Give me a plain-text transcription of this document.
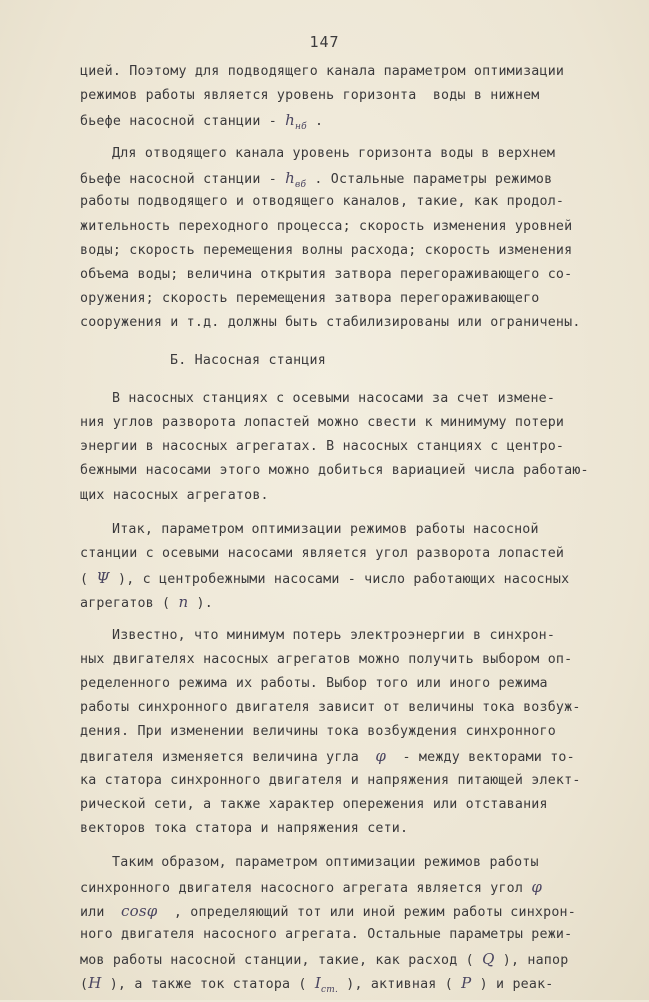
147
цией. Поэтому для подводящего канала параметром оптимизации
режимов работы является уровень горизонта  воды в нижнем
бьефе насосной станции - $h_{нб}$ .
Для отводящего канала уровень горизонта воды в верхнем
бьефе насосной станции - $h_{вб}$ . Остальные параметры режимов
работы подводящего и отводящего каналов, такие, как продол-
жительность переходного процесса; скорость изменения уровней
воды; скорость перемещения волны расхода; скорость изменения
объема воды; величина открытия затвора перегораживающего со-
оружения; скорость перемещения затвора перегораживающего
сооружения и т.д. должны быть стабилизированы или ограничены.
Б. Насосная станция
В насосных станциях с осевыми насосами за счет измене-
ния углов разворота лопастей можно свести к минимуму потери
энергии в насосных агрегатах. В насосных станциях с центро-
бежными насосами этого можно добиться вариацией числа работаю-
щих насосных агрегатов.
Итак, параметром оптимизации режимов работы насосной
станции с осевыми насосами является угол разворота лопастей
( Ψ ), с центробежными насосами - число работающих насосных
агрегатов ( n ).
Известно, что минимум потерь электроэнергии в синхрон-
ных двигателях насосных агрегатов можно получить выбором оп-
ределенного режима их работы. Выбор того или иного режима
работы синхронного двигателя зависит от величины тока возбуж-
дения. При изменении величины тока возбуждения синхронного
двигателя изменяется величина угла  φ  - между векторами то-
ка статора синхронного двигателя и напряжения питающей элект-
рической сети, а также характер опережения или отставания
векторов тока статора и напряжения сети.
Таким образом, параметром оптимизации режимов работы
синхронного двигателя насосного агрегата является угол φ
или  cosφ  , определяющий тот или иной режим работы синхрон-
ного двигателя насосного агрегата. Остальные параметры режи-
мов работы насосной станции, такие, как расход ( Q ), напор
(H ), а также ток статора ( $I_{ст.}$ ), активная ( P ) и реак-
